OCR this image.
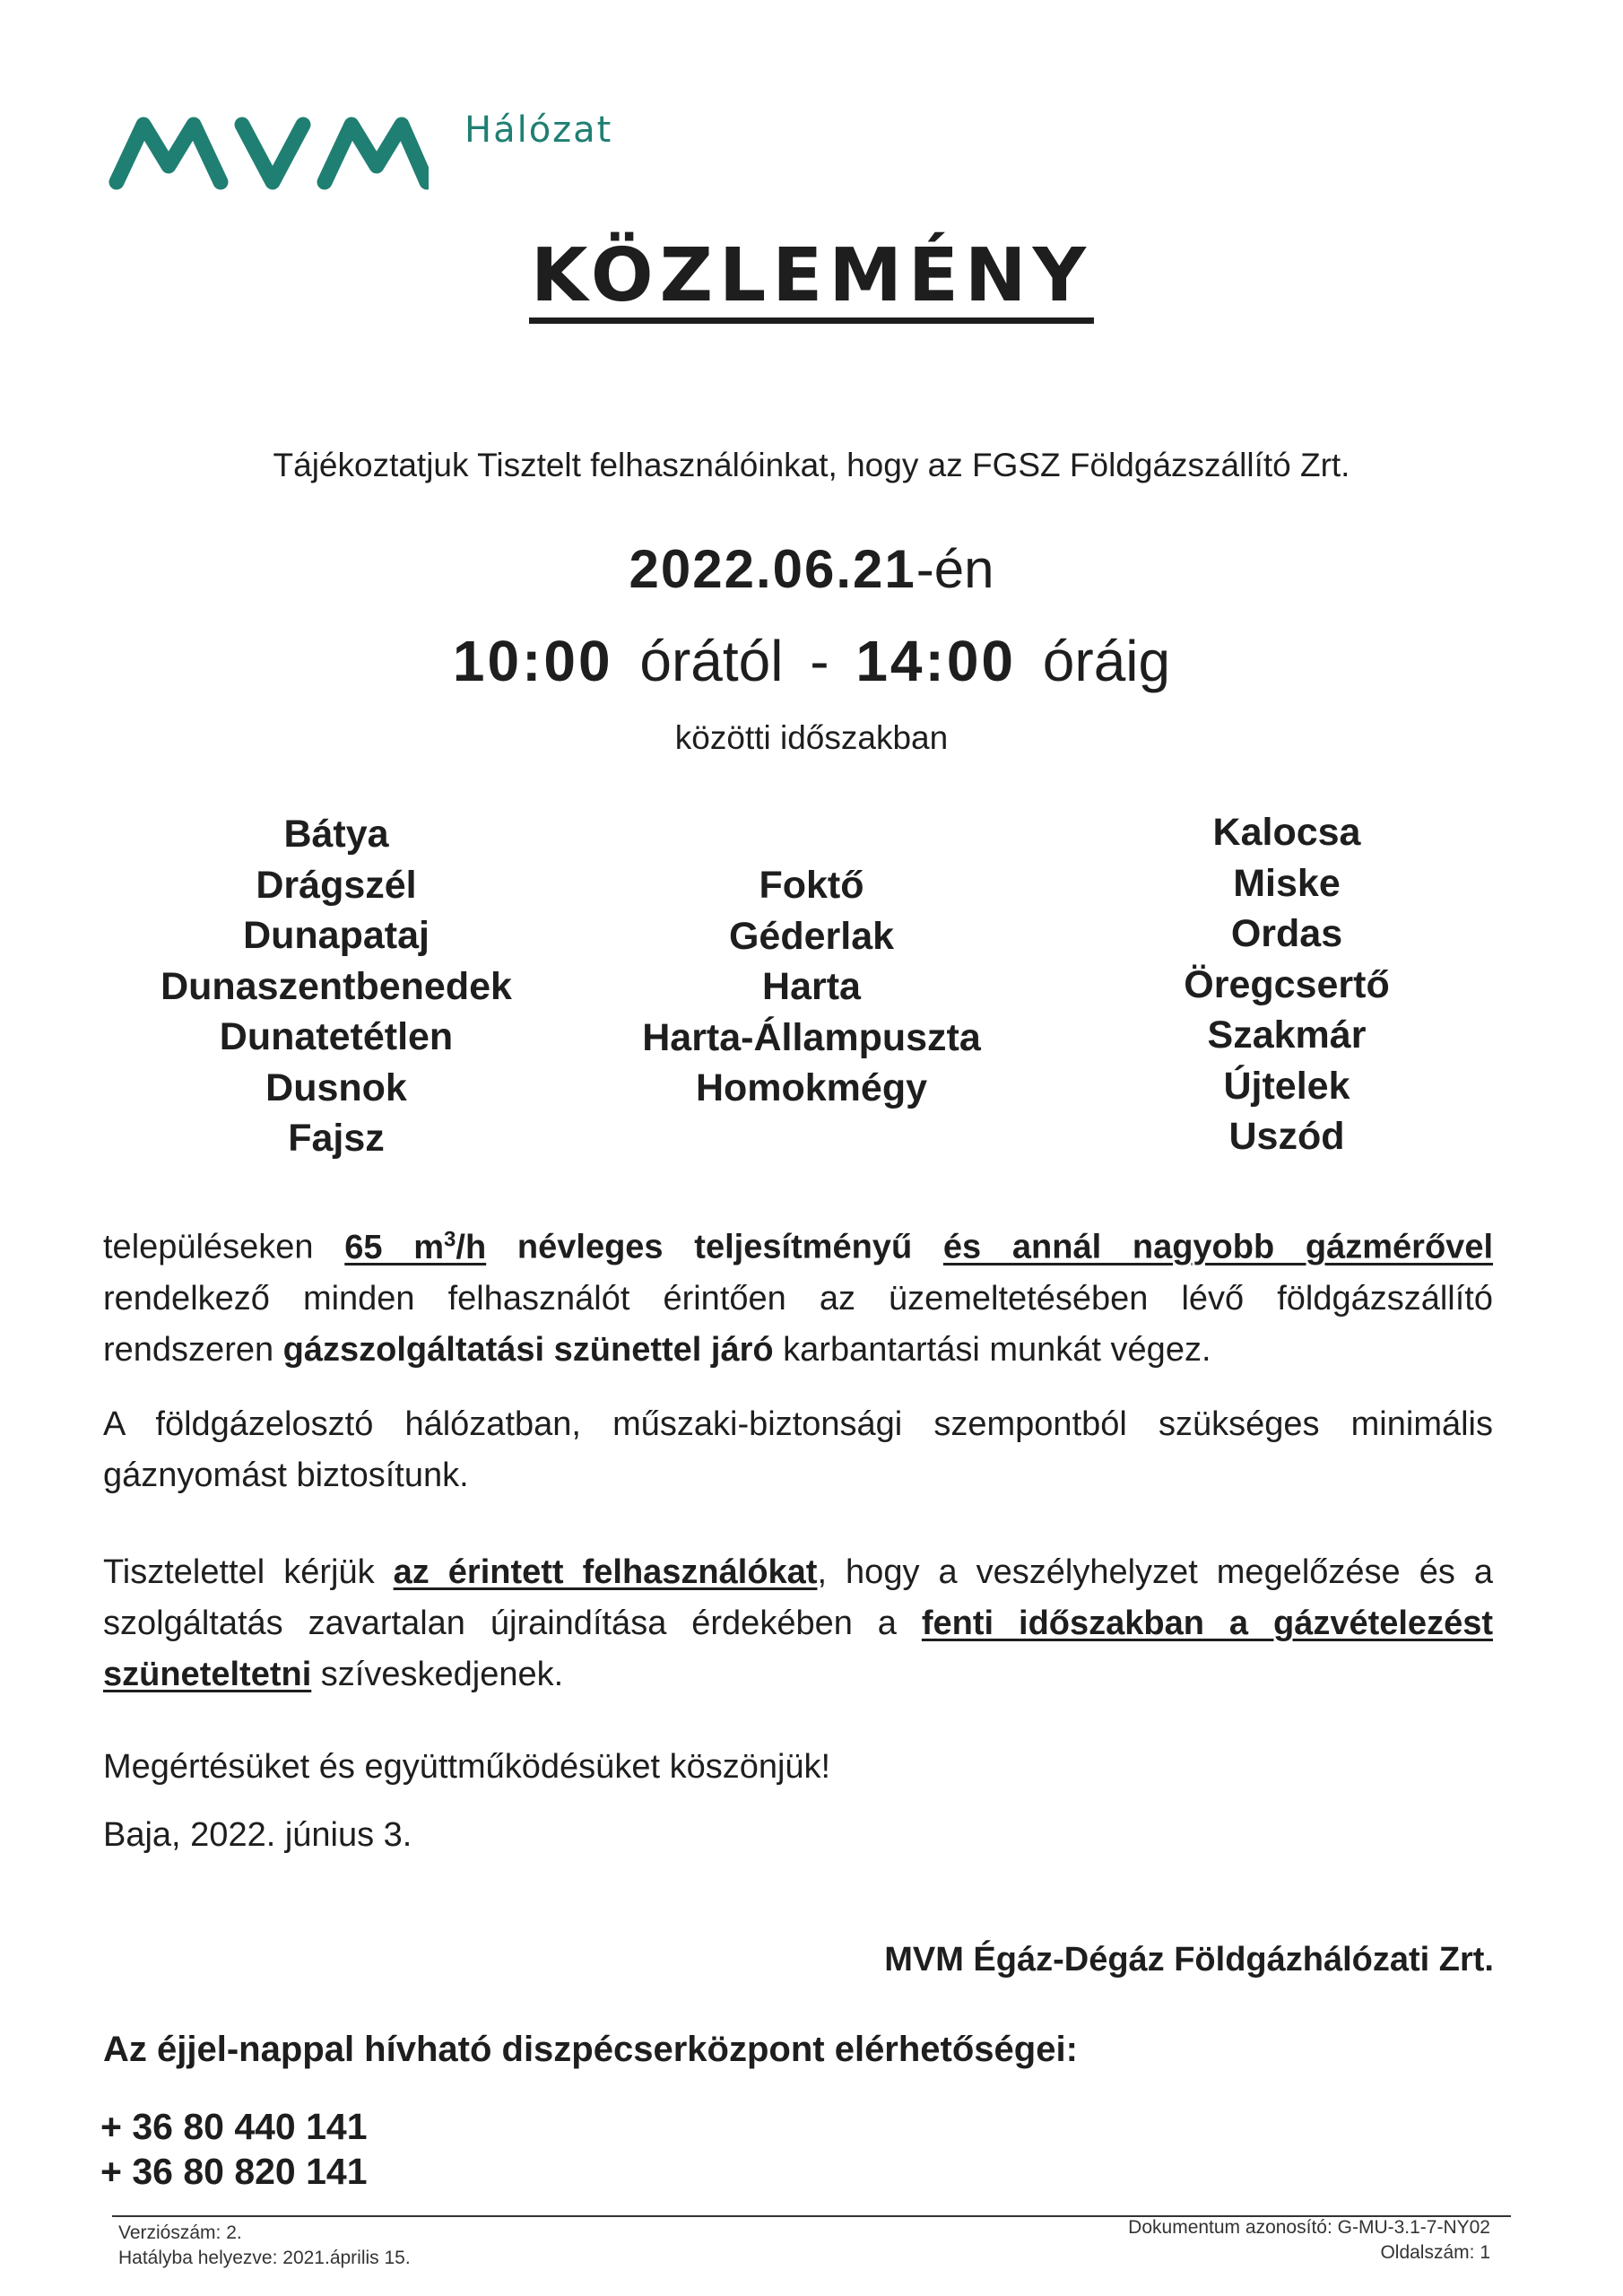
MVM	Hálózat
KÖZLEMÉNY
Tájékoztatjuk Tisztelt felhasználóinkat, hogy az FGSZ Földgázszállító Zrt.
2022.06.21-én
10:00 órától - 14:00 óráig
közötti időszakban
Bátya
Drágszél
Dunapataj
Dunaszentbenedek
Dunatetétlen
Dusnok
Fajsz
Foktő
Géderlak
Harta
Harta-Állampuszta
Homokmégy
Kalocsa
Miske
Ordas
Öregcsertő
Szakmár
Újtelek
Uszód
településeken 65 $m^3/h$ névleges teljesítményű és annál nagyobb gázmérővel rendelkező minden felhasználót érintően az üzemeltetésében lévő földgázszállító rendszeren gázszolgáltatási szünettel járó karbantartási munkát végez.
A földgázelosztó hálózatban, műszaki-biztonsági szempontból szükséges minimális gáznyomást biztosítunk.
Tisztelettel kérjük az érintett felhasználókat, hogy a veszélyhelyzet megelőzése és a szolgáltatás zavartalan újraindítása érdekében a fenti időszakban a gázvételezést szüneteltetni szíveskedjenek.
Megértésüket és együttműködésüket köszönjük!
Baja, 2022. június 3.
MVM Égáz-Dégáz Földgázhálózati Zrt.
Az éjjel-nappal hívható diszpécserközpont elérhetőségei:
+ 36 80 440 141
+ 36 80 820 141
Verziószám: 2.
Hatályba helyezve: 2021.április 15.
Dokumentum azonosító: G-MU-3.1-7-NY02
Oldalszám: 1
